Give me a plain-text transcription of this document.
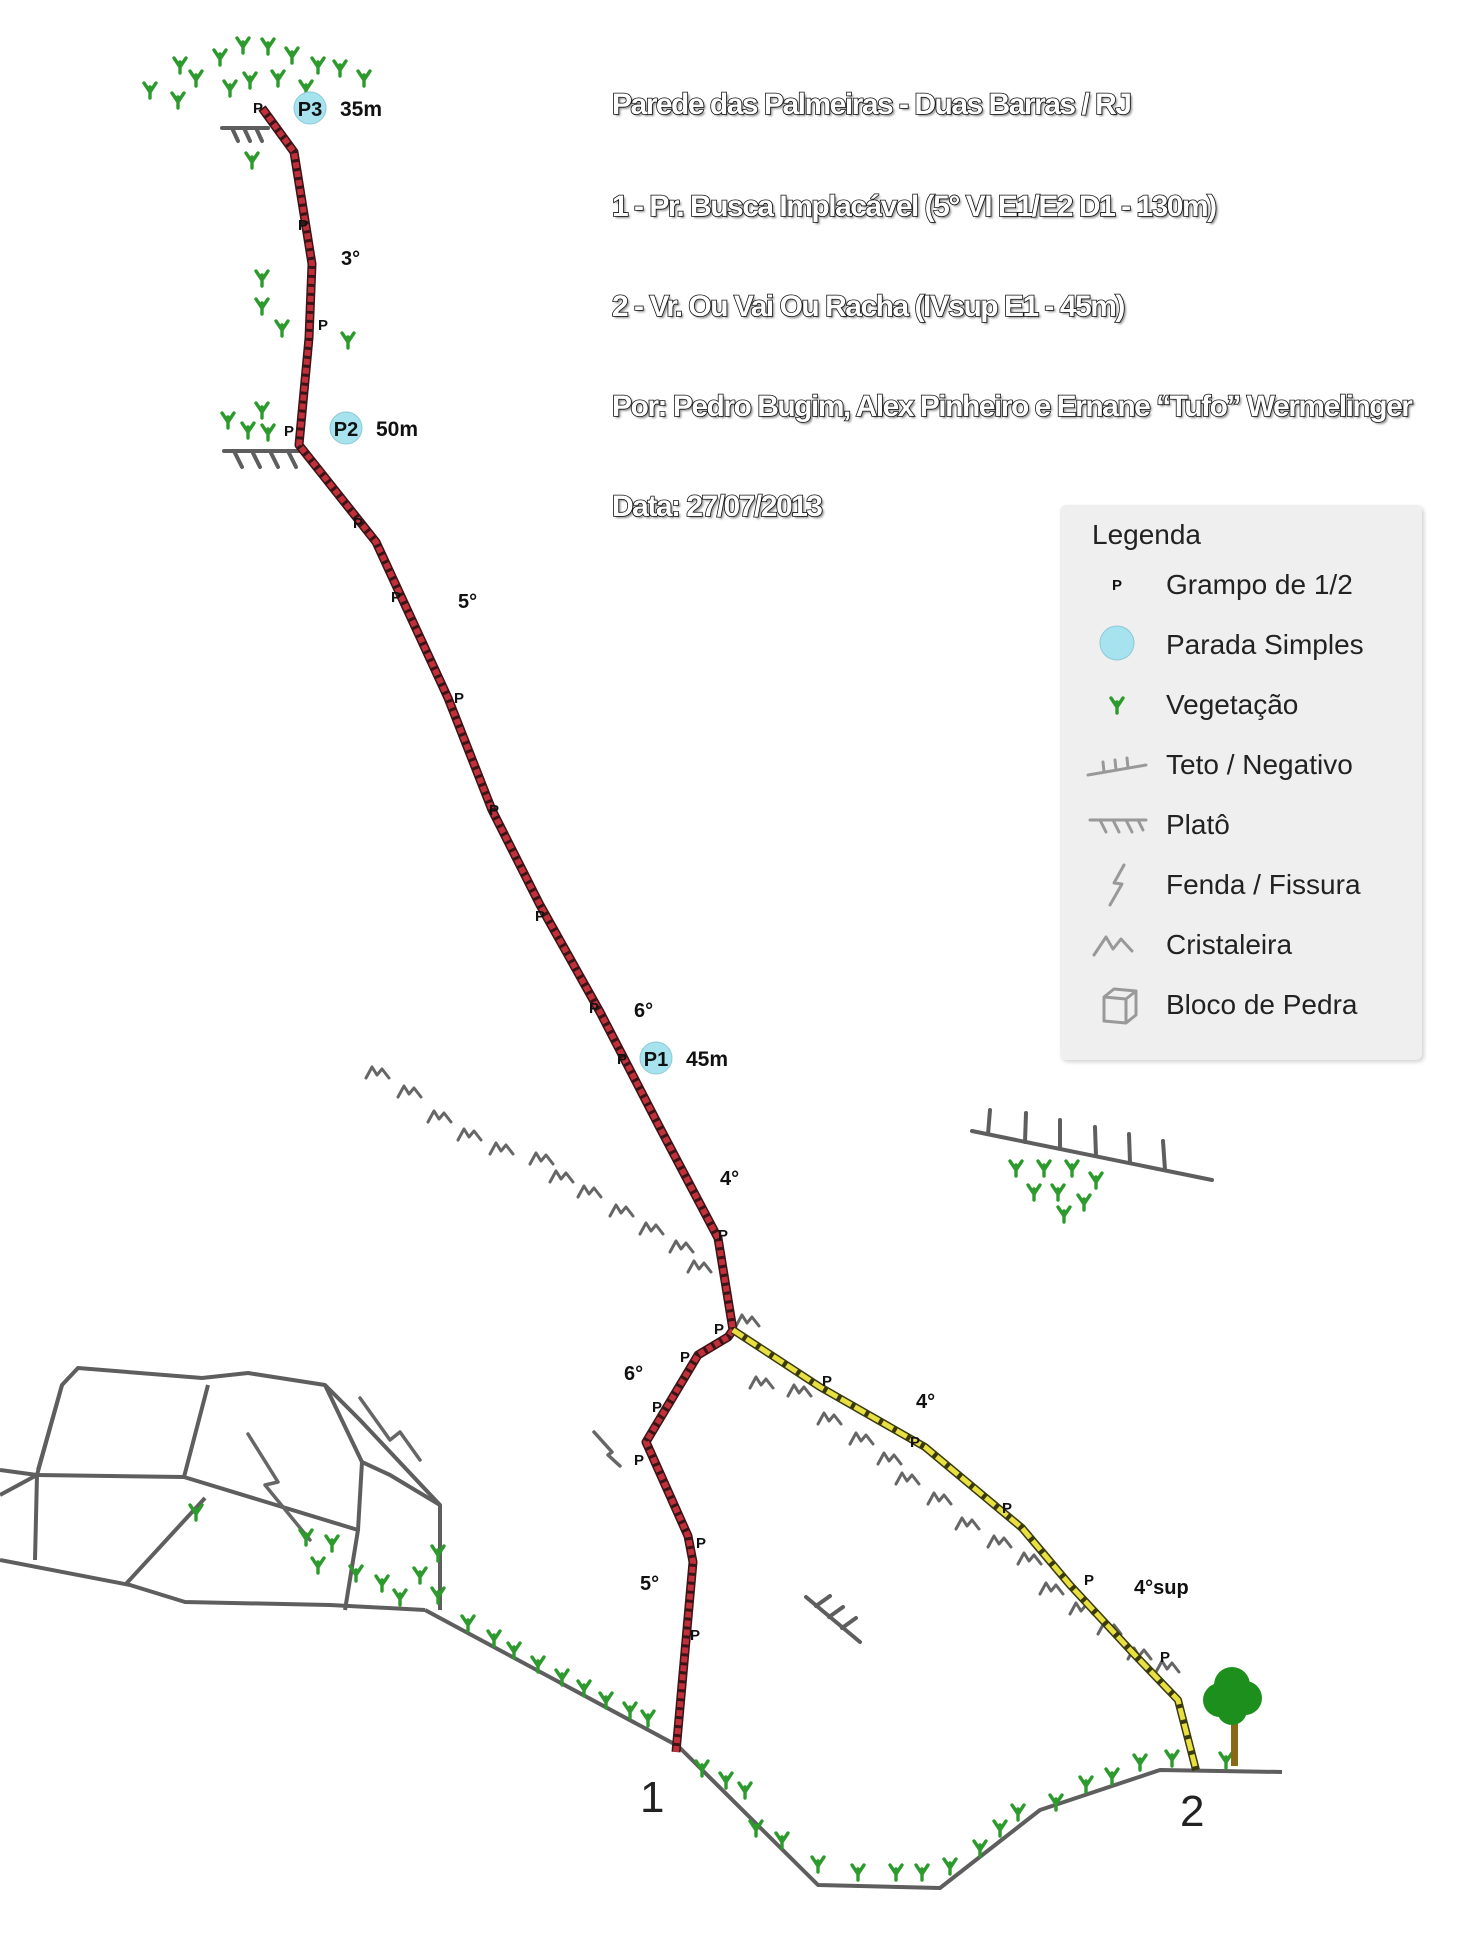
P
P
P
P
P
P
P
P
P
P
P
P
P
P
P
P
P
P
P
P
P
P
P
P3 35m
P2 50m
P1 45m
3°
5°
6°
4°
6°
5°
4°
4°sup
1	2

Parede das Palmeiras - Duas Barras / RJ

1 - Pr. Busca Implacável (5° VI E1/E2 D1 - 130m)

2 - Vr. Ou Vai Ou Racha (IVsup E1 - 45m)

Por: Pedro Bugim, Alex Pinheiro e Ernane “Tufo” Wermelinger

Data: 27/07/2013

Legenda
P Grampo de 1/2
Parada Simples
Vegetação
Teto / Negativo
Platô
Fenda / Fissura
Cristaleira
Bloco de Pedra
